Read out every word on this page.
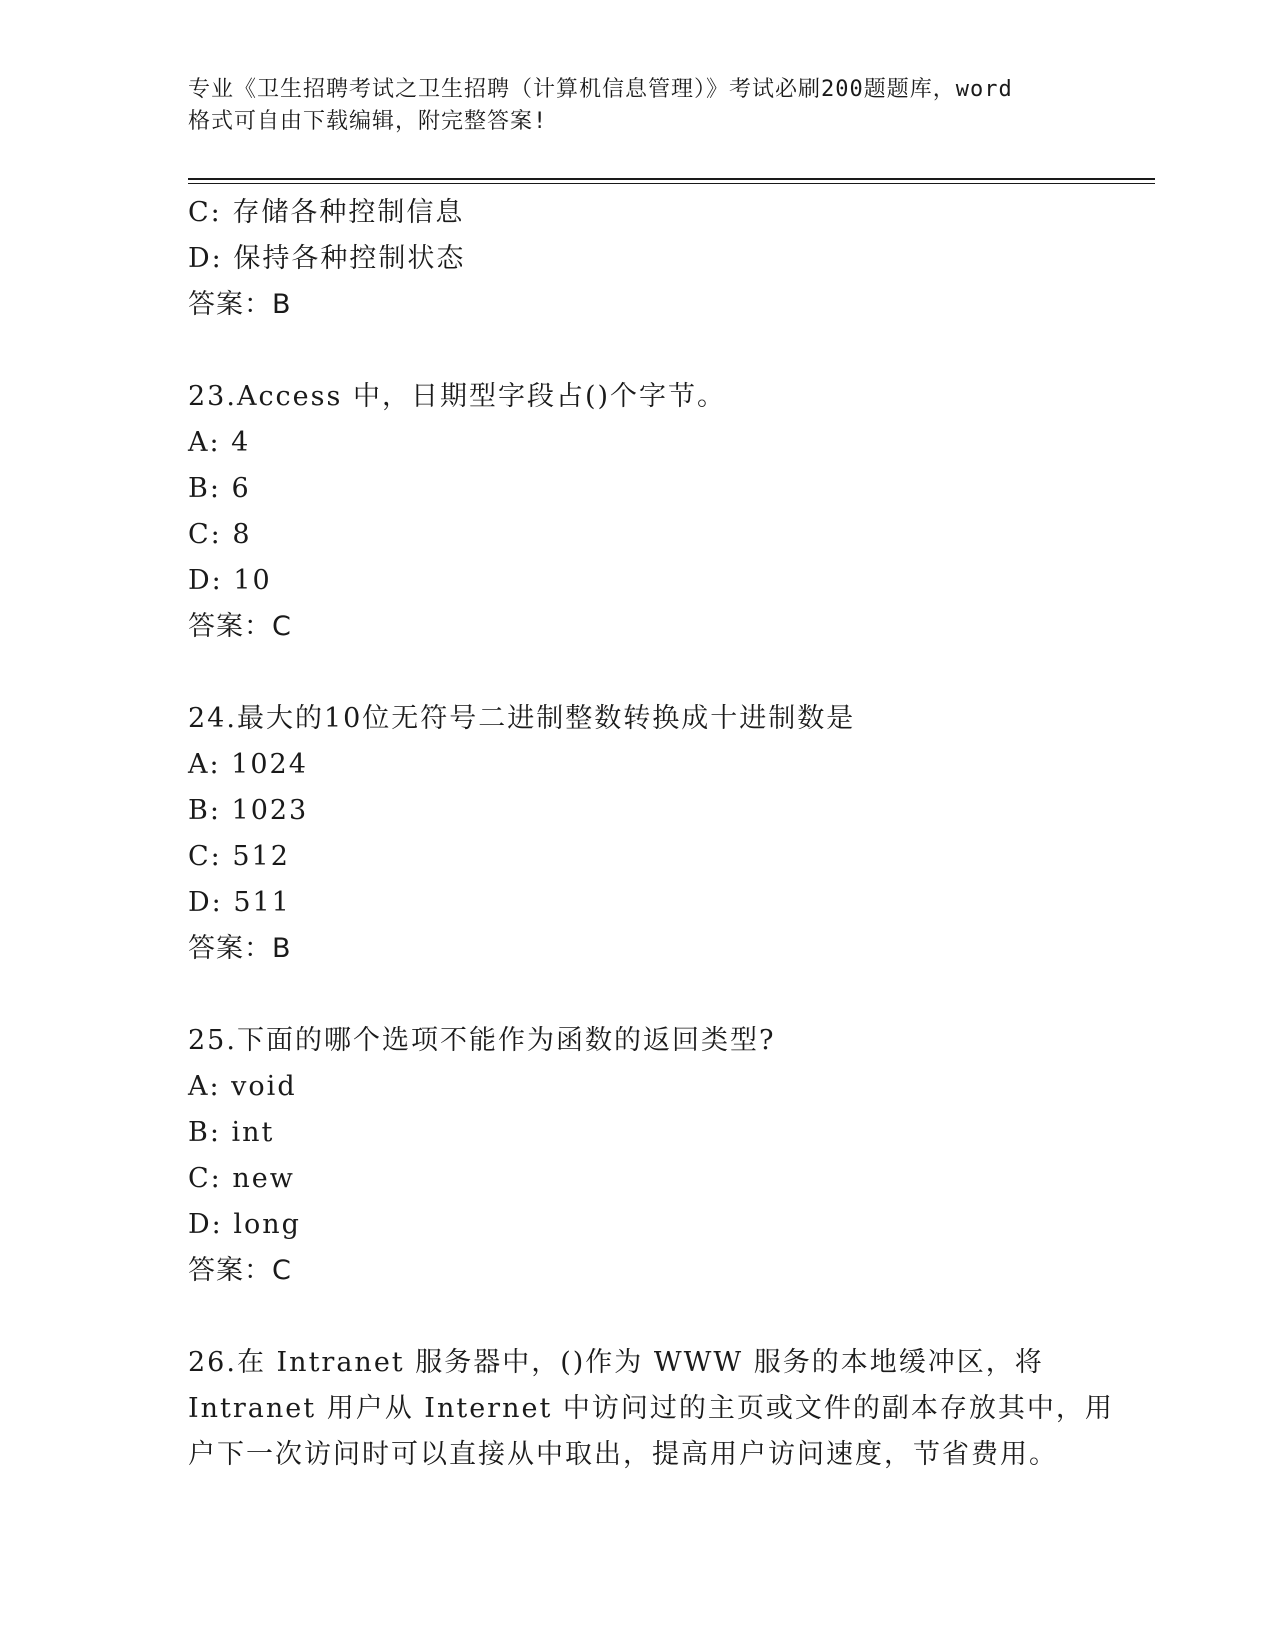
专业《卫生招聘考试之卫生招聘（计算机信息管理）》考试必刷200题题库，word
格式可自由下载编辑，附完整答案!
C: 存储各种控制信息
D: 保持各种控制状态
答案：B
23.Access 中，日期型字段占()个字节。
A: 4
B: 6
C: 8
D: 10
答案：C
24.最大的10位无符号二进制整数转换成十进制数是
A: 1024
B: 1023
C: 512
D: 511
答案：B
25.下面的哪个选项不能作为函数的返回类型?
A: void
B: int
C: new
D: long
答案：C
26.在 Intranet 服务器中，()作为 WWW 服务的本地缓冲区，将
Intranet 用户从 Internet 中访问过的主页或文件的副本存放其中，用
户下一次访问时可以直接从中取出，提高用户访问速度，节省费用。
